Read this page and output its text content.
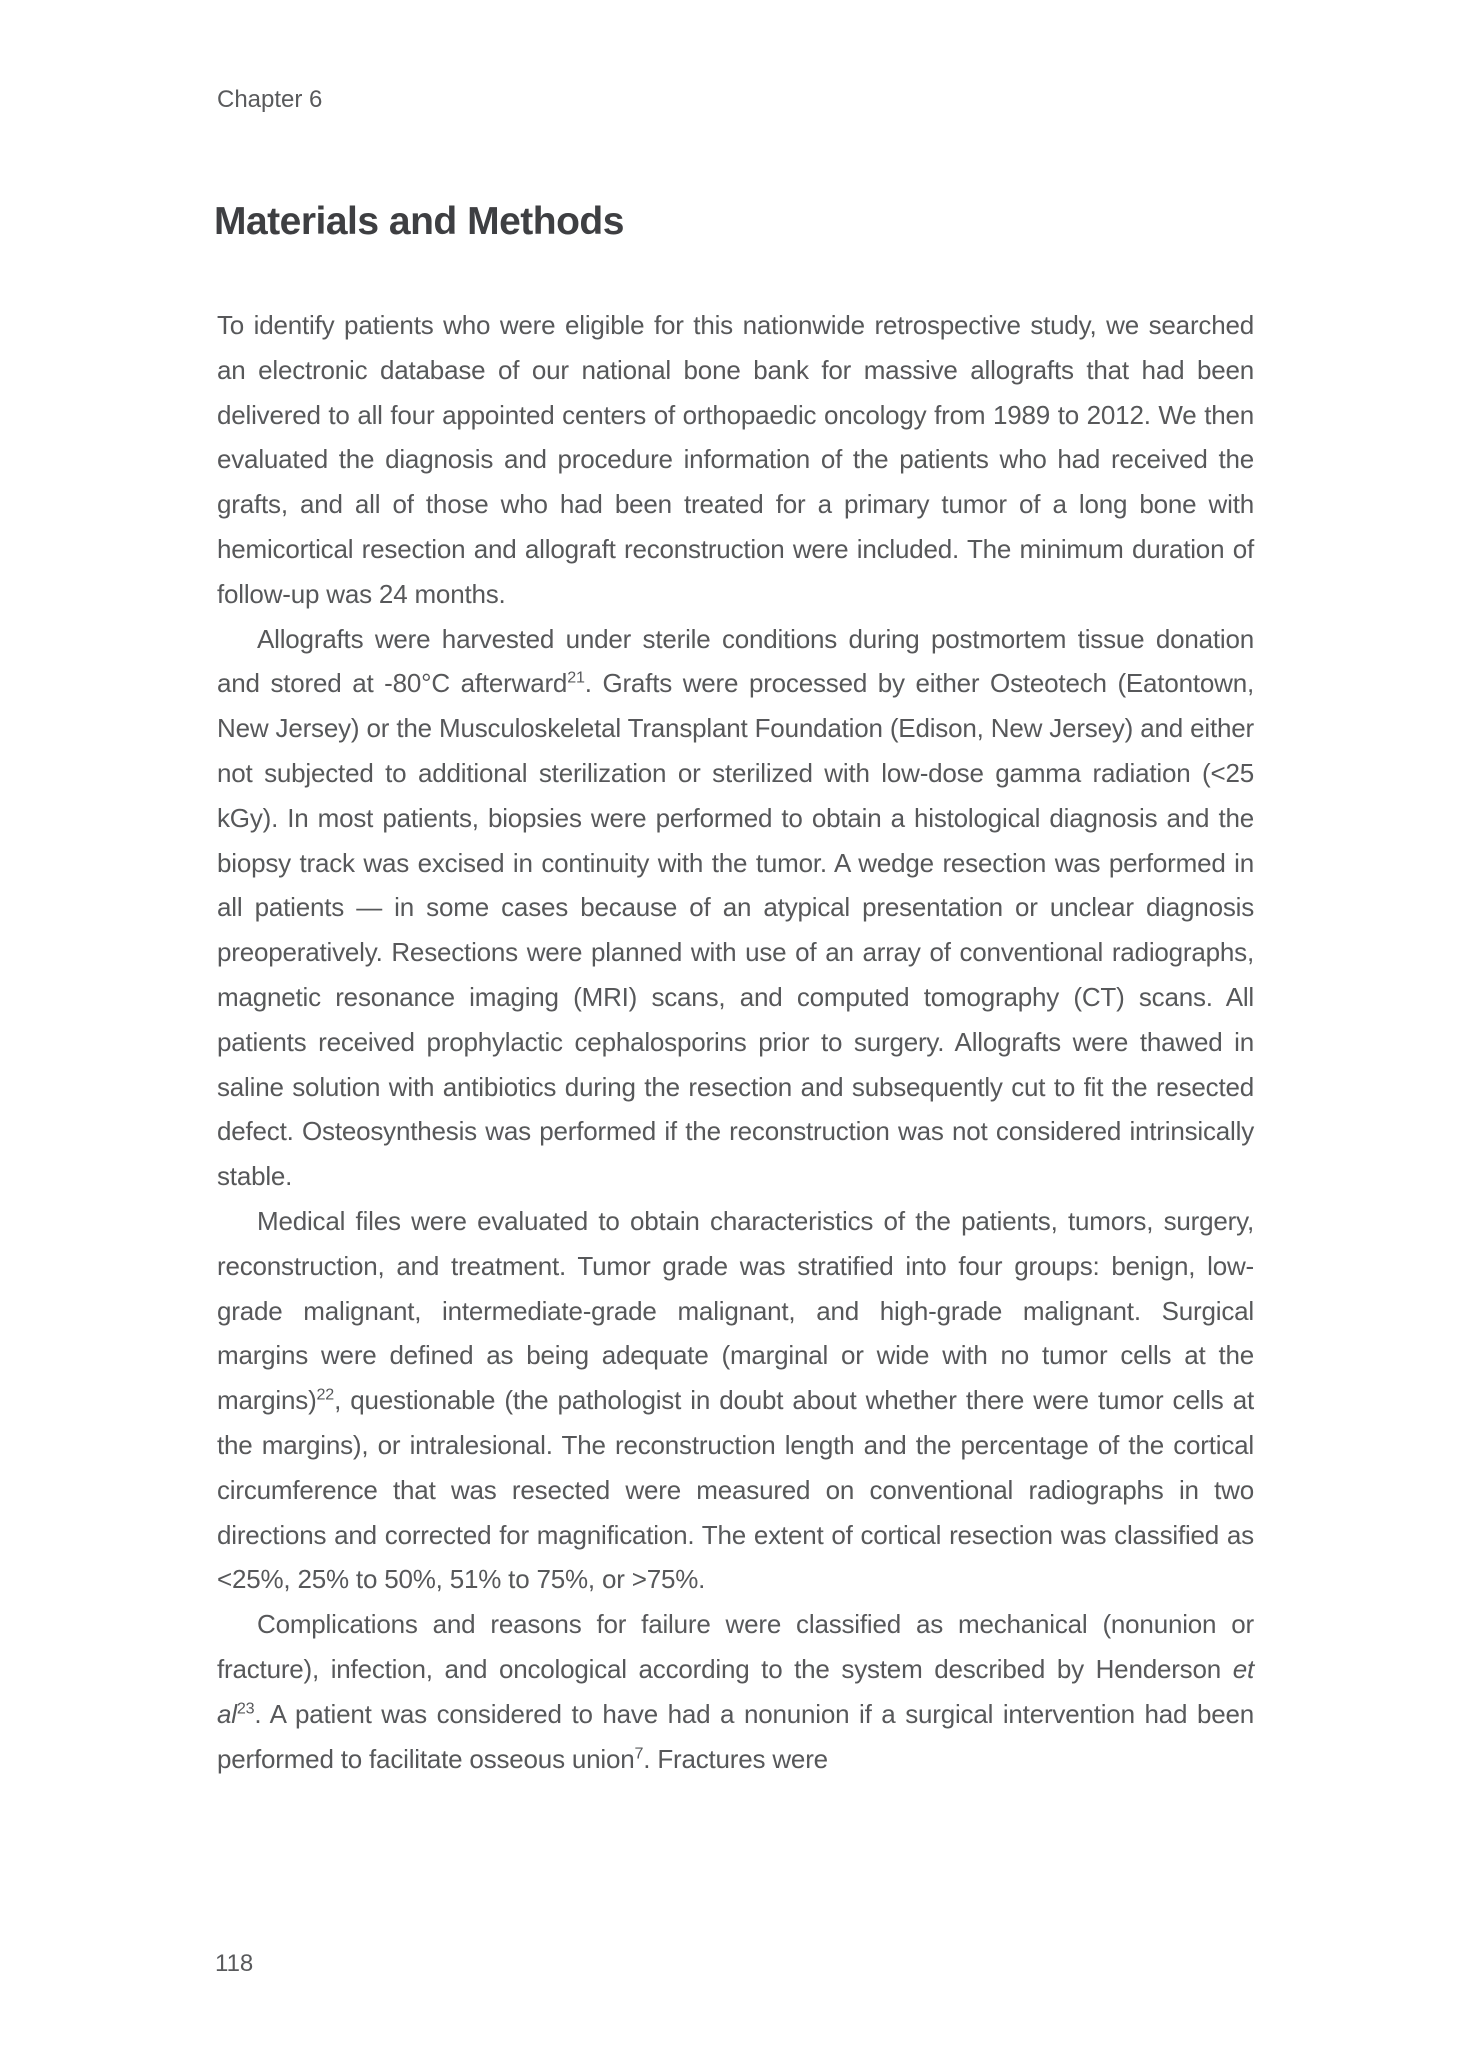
Chapter 6
Materials and Methods

To identify patients who were eligible for this nationwide retrospective study, we searched an electronic database of our national bone bank for massive allografts that had been delivered to all four appointed centers of orthopaedic oncology from 1989 to 2012. We then evaluated the diagnosis and procedure information of the patients who had received the grafts, and all of those who had been treated for a primary tumor of a long bone with hemicortical resection and allograft reconstruction were included. The minimum duration of follow-up was 24 months.

Allografts were harvested under sterile conditions during postmortem tissue donation and stored at -80°C afterward$^{21}$. Grafts were processed by either Osteotech (Eatontown, New Jersey) or the Musculoskeletal Transplant Foundation (Edison, New Jersey) and either not subjected to additional sterilization or sterilized with low-dose gamma radiation (<25 kGy). In most patients, biopsies were performed to obtain a histological diagnosis and the biopsy track was excised in continuity with the tumor. A wedge resection was performed in all patients — in some cases because of an atypical presentation or unclear diagnosis preoperatively. Resections were planned with use of an array of conventional radiographs, magnetic resonance imaging (MRI) scans, and computed tomography (CT) scans. All patients received prophylactic cephalosporins prior to surgery. Allografts were thawed in saline solution with antibiotics during the resection and subsequently cut to fit the resected defect. Osteosynthesis was performed if the reconstruction was not considered intrinsically stable.

Medical files were evaluated to obtain characteristics of the patients, tumors, surgery, reconstruction, and treatment. Tumor grade was stratified into four groups: benign, low-grade malignant, intermediate-grade malignant, and high-grade malignant. Surgical margins were defined as being adequate (marginal or wide with no tumor cells at the margins)$^{22}$, questionable (the pathologist in doubt about whether there were tumor cells at the margins), or intralesional. The reconstruction length and the percentage of the cortical circumference that was resected were measured on conventional radiographs in two directions and corrected for magnification. The extent of cortical resection was classified as <25%, 25% to 50%, 51% to 75%, or >75%.

Complications and reasons for failure were classified as mechanical (nonunion or fracture), infection, and oncological according to the system described by Henderson et $al^{23}$. A patient was considered to have had a nonunion if a surgical intervention had been performed to facilitate osseous union$^7$. Fractures were

118
